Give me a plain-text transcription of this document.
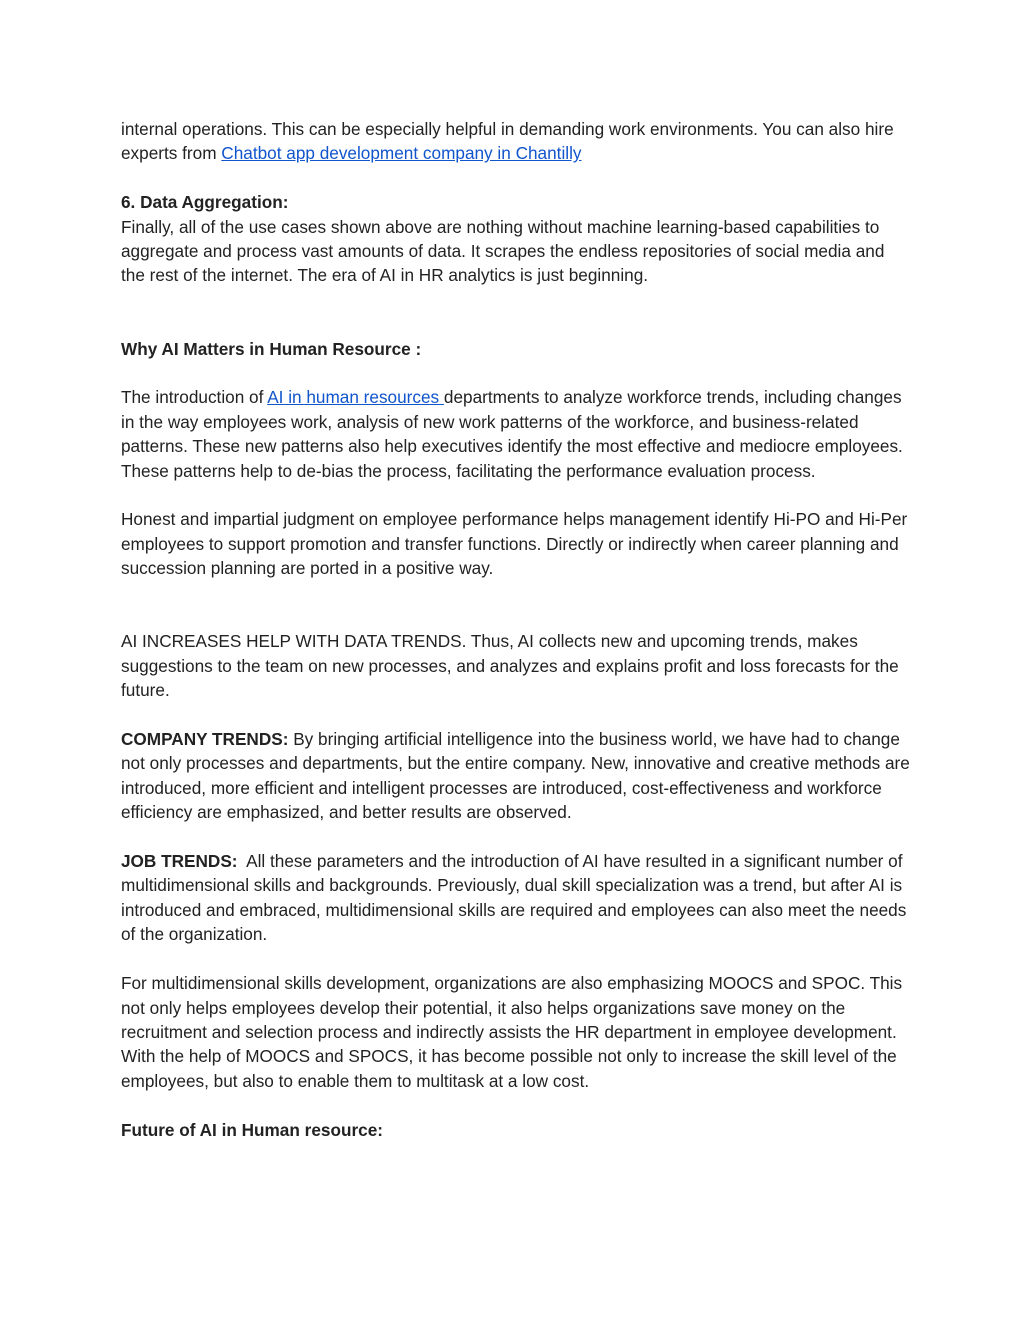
internal operations. This can be especially helpful in demanding work environments. You can also hire experts from Chatbot app development company in Chantilly

6. Data Aggregation:

Finally, all of the use cases shown above are nothing without machine learning-based capabilities to aggregate and process vast amounts of data. It scrapes the endless repositories of social media and the rest of the internet. The era of AI in HR analytics is just beginning.

Why AI Matters in Human Resource :

The introduction of AI in human resources departments to analyze workforce trends, including changes in the way employees work, analysis of new work patterns of the workforce, and business-related patterns. These new patterns also help executives identify the most effective and mediocre employees. These patterns help to de-bias the process, facilitating the performance evaluation process.

Honest and impartial judgment on employee performance helps management identify Hi-PO and Hi-Per employees to support promotion and transfer functions. Directly or indirectly when career planning and succession planning are ported in a positive way.

AI INCREASES HELP WITH DATA TRENDS. Thus, AI collects new and upcoming trends, makes suggestions to the team on new processes, and analyzes and explains profit and loss forecasts for the future.

COMPANY TRENDS: By bringing artificial intelligence into the business world, we have had to change not only processes and departments, but the entire company. New, innovative and creative methods are introduced, more efficient and intelligent processes are introduced, cost-effectiveness and workforce efficiency are emphasized, and better results are observed.

JOB TRENDS:  All these parameters and the introduction of AI have resulted in a significant number of multidimensional skills and backgrounds. Previously, dual skill specialization was a trend, but after AI is introduced and embraced, multidimensional skills are required and employees can also meet the needs of the organization.

For multidimensional skills development, organizations are also emphasizing MOOCS and SPOC. This not only helps employees develop their potential, it also helps organizations save money on the recruitment and selection process and indirectly assists the HR department in employee development. With the help of MOOCS and SPOCS, it has become possible not only to increase the skill level of the employees, but also to enable them to multitask at a low cost.

Future of AI in Human resource:
